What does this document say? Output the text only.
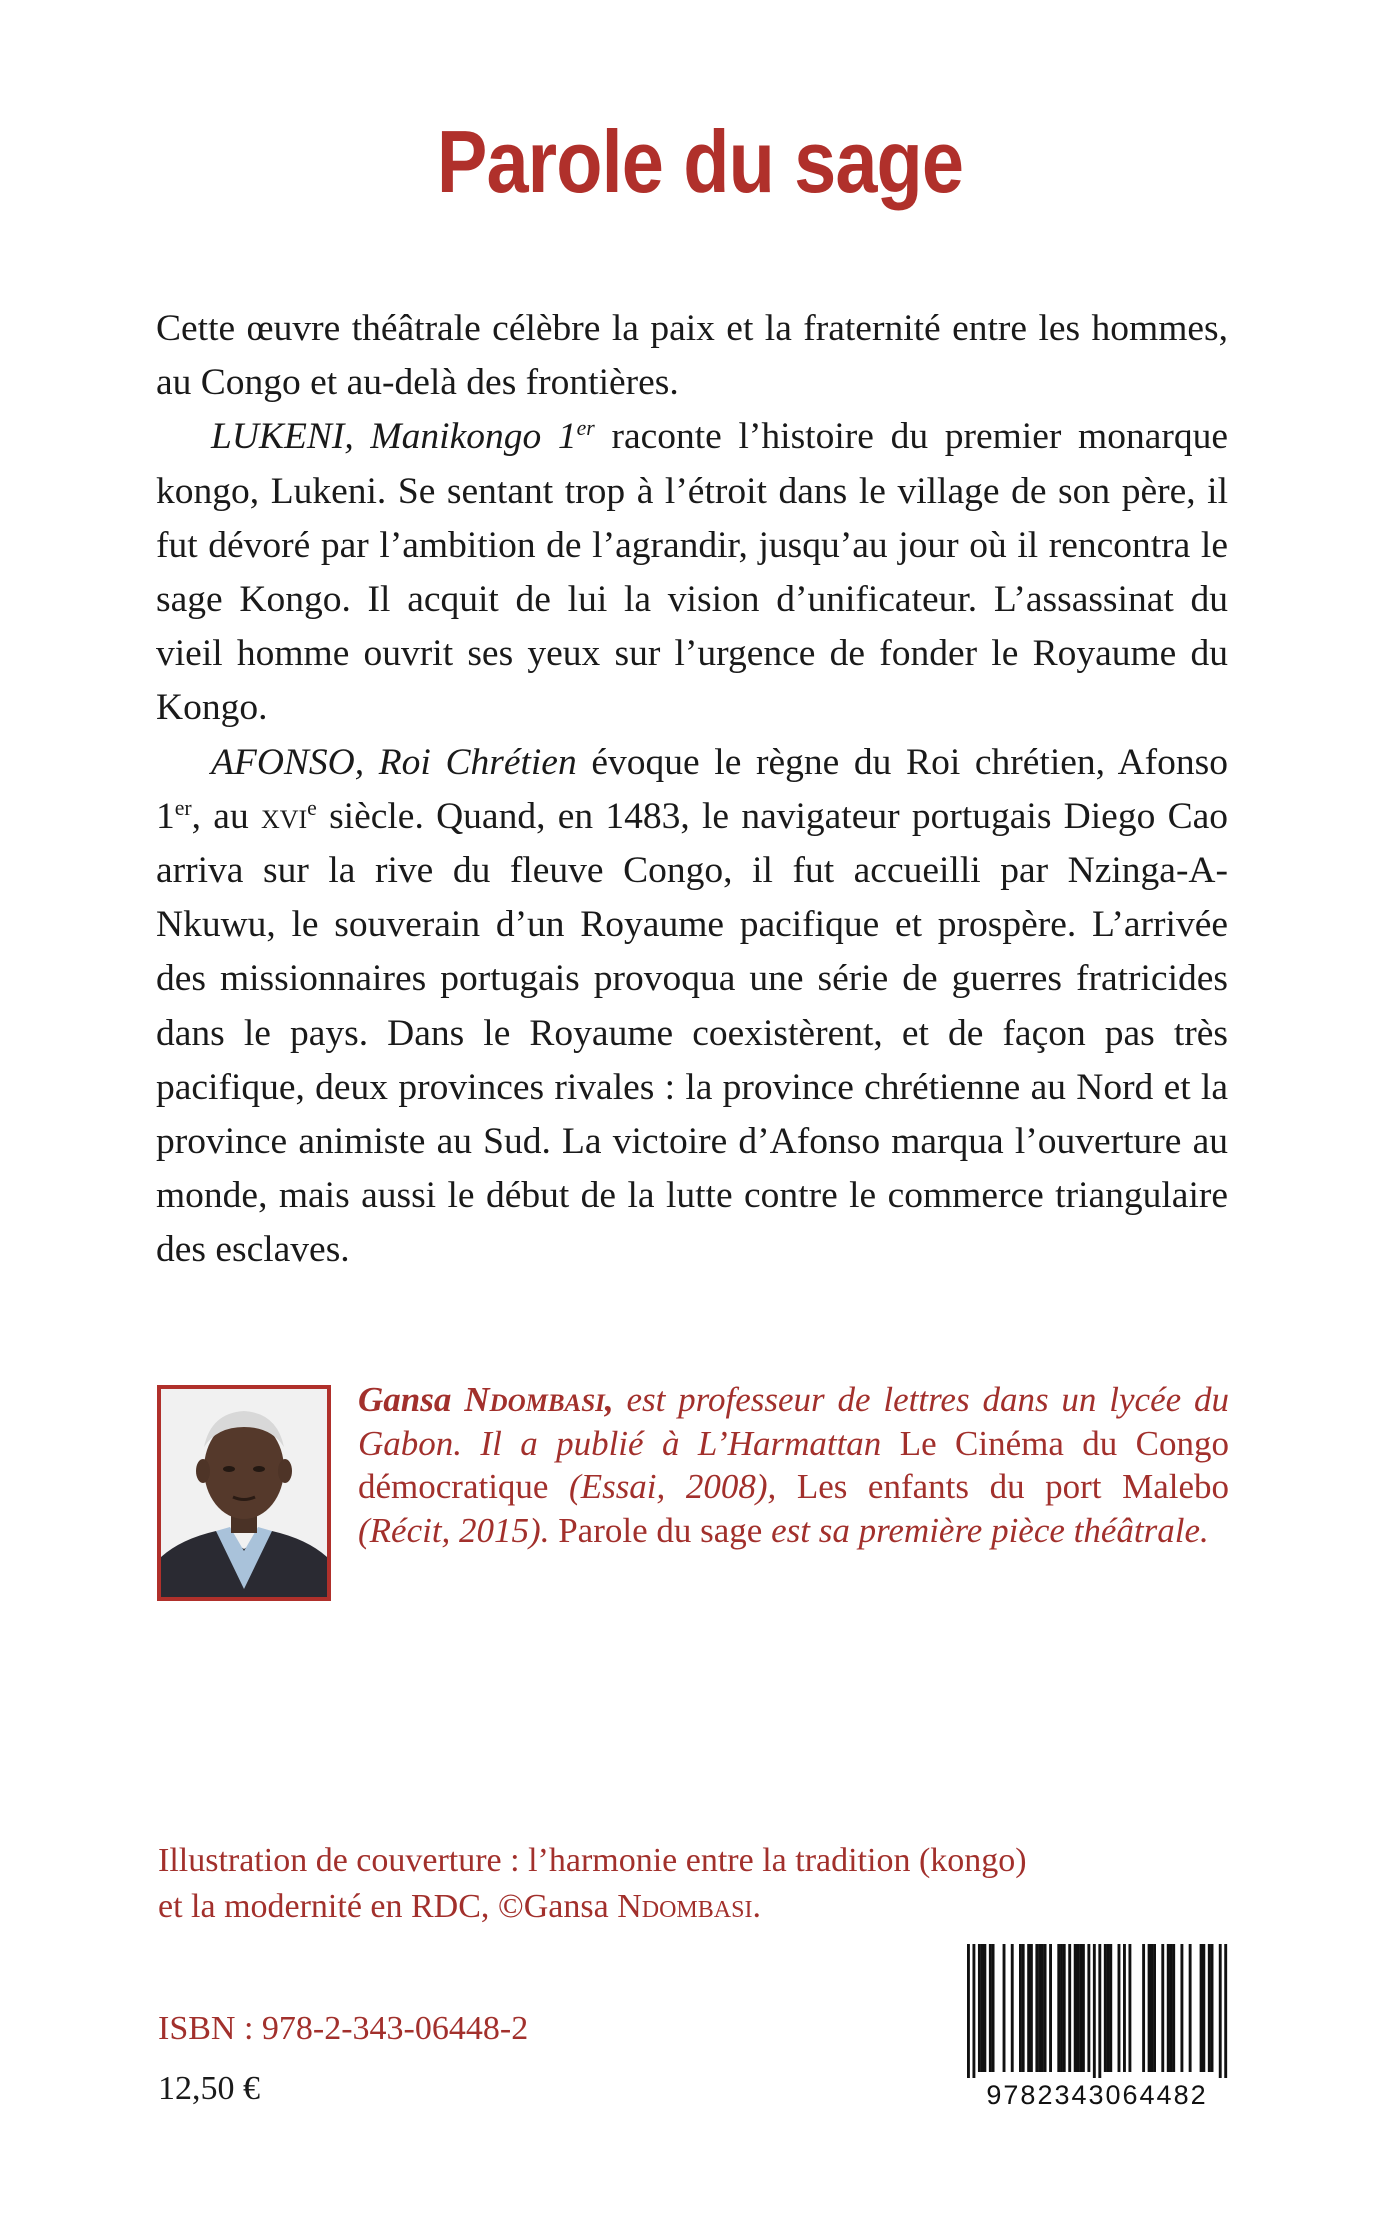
Parole du sage

Cette œuvre théâtrale célèbre la paix et la fraternité entre les hommes, au Congo et au-delà des frontières.

LUKENI, Manikongo 1er raconte l’histoire du premier monarque kongo, Lukeni. Se sentant trop à l’étroit dans le village de son père, il fut dévoré par l’ambition de l’agrandir, jusqu’au jour où il rencontra le sage Kongo. Il acquit de lui la vision d’unificateur. L’assassinat du vieil homme ouvrit ses yeux sur l’urgence de fonder le Royaume du Kongo.

AFONSO, Roi Chrétien évoque le règne du Roi chrétien, Afonso 1er, au xvi$^e$ siècle. Quand, en 1483, le navigateur portugais Diego Cao arriva sur la rive du fleuve Congo, il fut accueilli par Nzinga-A-Nkuwu, le souverain d’un Royaume pacifique et prospère. L’arrivée des missionnaires portugais provoqua une série de guerres fratricides dans le pays. Dans le Royaume coexistèrent, et de façon pas très pacifique, deux provinces rivales : la province chrétienne au Nord et la province animiste au Sud. La victoire d’Afonso marqua l’ouverture au monde, mais aussi le début de la lutte contre le commerce triangulaire des esclaves.

Gansa Ndombasi, est professeur de lettres dans un lycée du Gabon. Il a publié à L’Harmattan Le Cinéma du Congo démocratique (Essai, 2008), Les enfants du port Malebo (Récit, 2015). Parole du sage est sa première pièce théâtrale.

Illustration de couverture : l’harmonie entre la tradition (kongo)

et la modernité en RDC, ©Gansa Ndombasi.

ISBN : 978-2-343-06448-2
12,50 €	9782343064482
